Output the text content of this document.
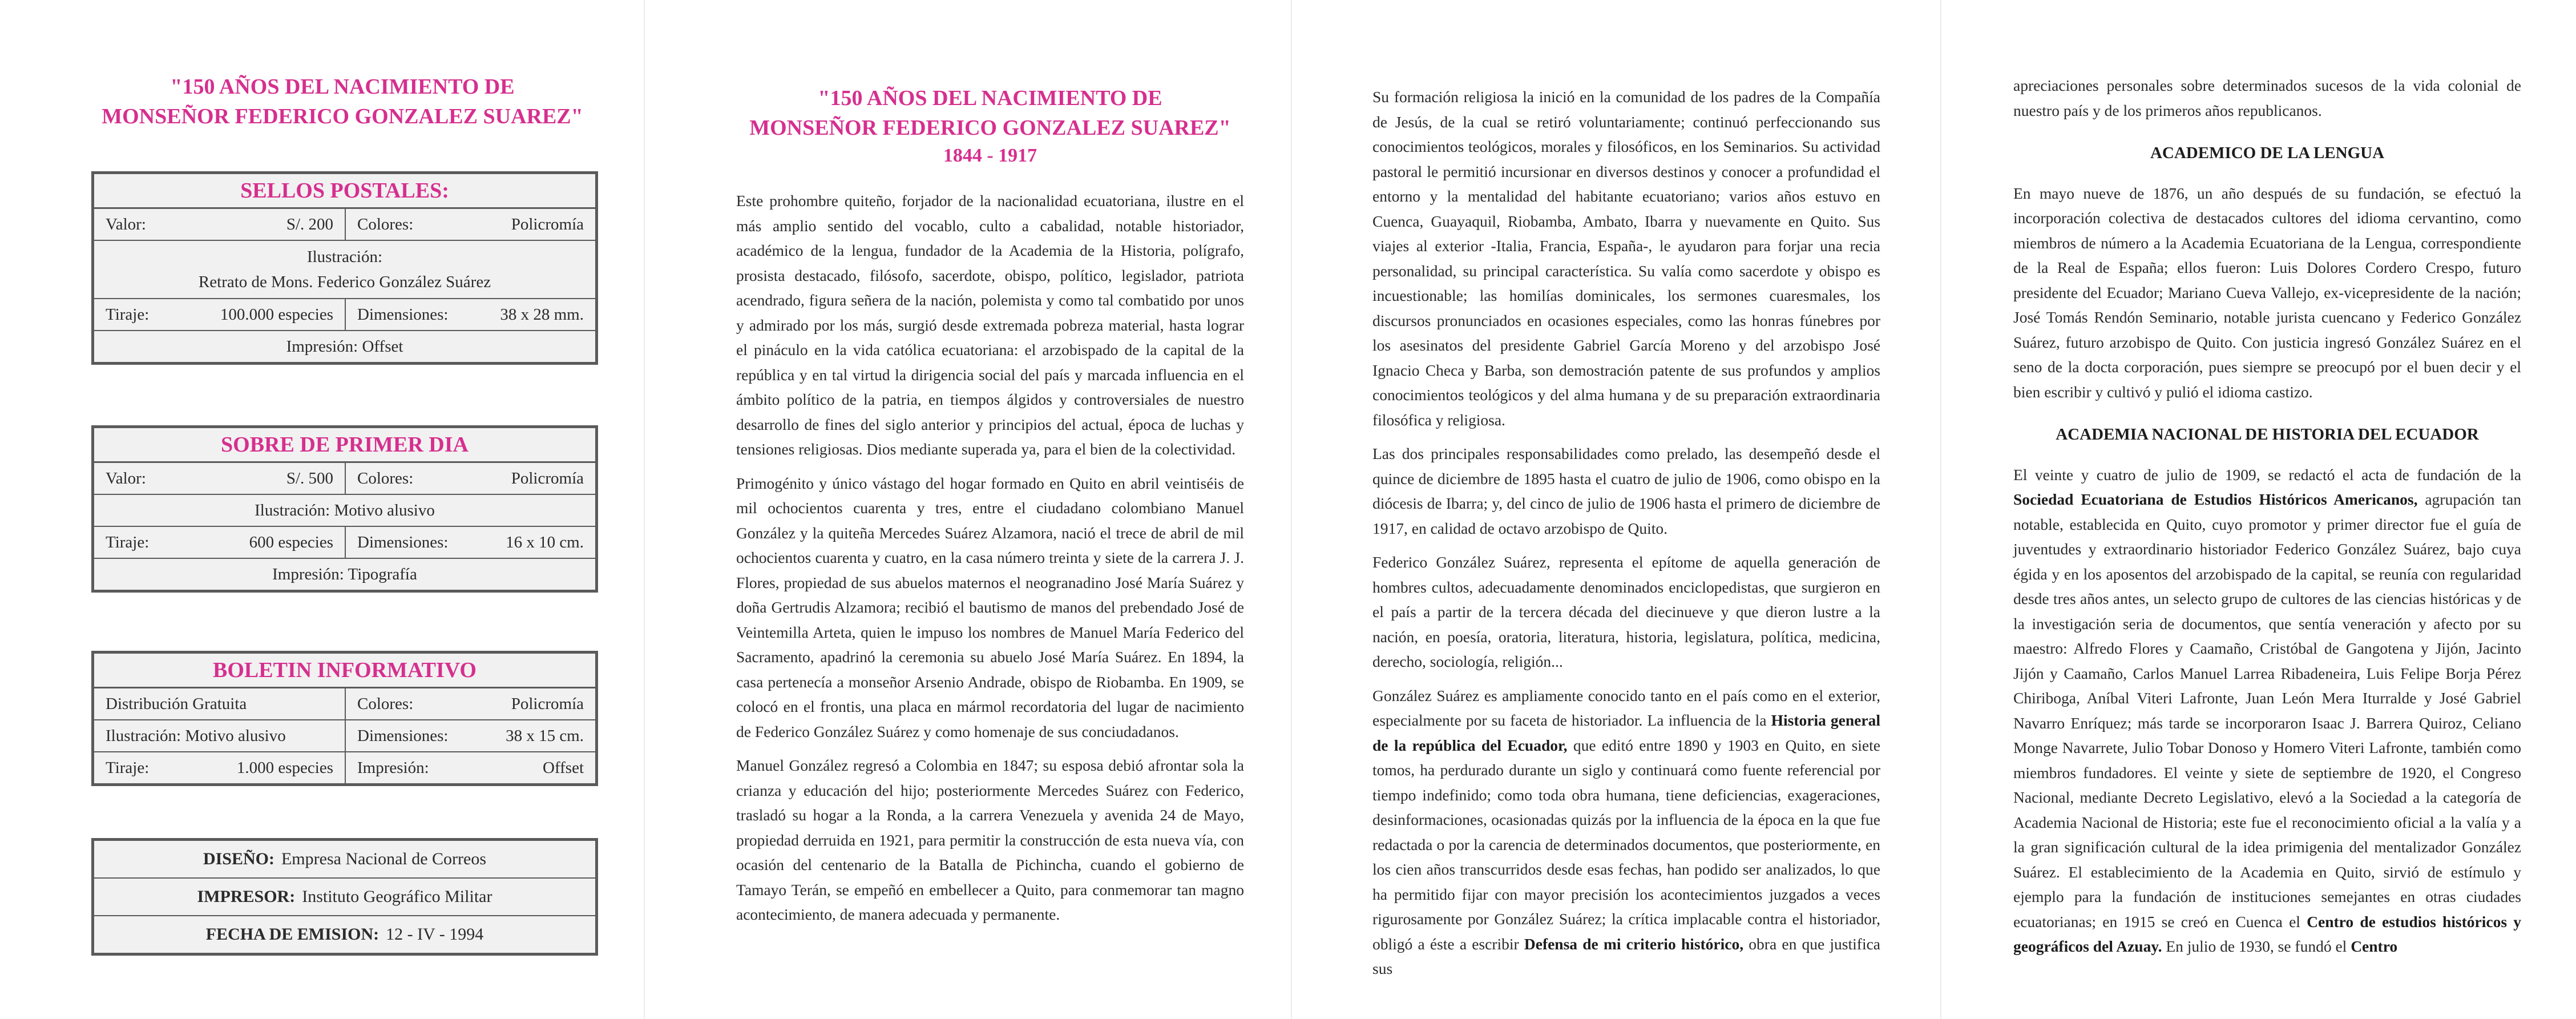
"150 AÑOS DEL NACIMIENTO DE
MONSEÑOR FEDERICO GONZALEZ SUAREZ"
SELLOS POSTALES:
Valor:	S/. 200 Colores:	Policromía
Ilustración:
Retrato de Mons. Federico González Suárez
Tiraje:	100.000 especies Dimensiones:	38 x 28 mm.
Impresión: Offset
SOBRE DE PRIMER DIA
Valor:	S/. 500 Colores:	Policromía
Ilustración: Motivo alusivo
Tiraje:	600 especies Dimensiones:	16 x 10 cm.
Impresión: Tipografía
BOLETIN INFORMATIVO
Distribución Gratuita	Colores:	Policromía
Ilustración: Motivo alusivo	Dimensiones:	38 x 15 cm.
Tiraje:	1.000 especies Impresión:	Offset
DISEÑO: Empresa Nacional de Correos
IMPRESOR: Instituto Geográfico Militar
FECHA DE EMISION: 12 - IV - 1994
"150 AÑOS DEL NACIMIENTO DE
MONSEÑOR FEDERICO GONZALEZ SUAREZ"
1844 - 1917

Este prohombre quiteño, forjador de la nacionalidad ecuatoriana, ilustre en el más amplio sentido del vocablo, culto a cabalidad, notable historiador, académico de la lengua, fundador de la Academia de la Historia, polígrafo, prosista destacado, filósofo, sacerdote, obispo, político, legislador, patriota acendrado, figura señera de la nación, polemista y como tal combatido por unos y admirado por los más, surgió desde extremada pobreza material, hasta lograr el pináculo en la vida católica ecuatoriana: el arzobispado de la capital de la república y en tal virtud la dirigencia social del país y marcada influencia en el ámbito político de la patria, en tiempos álgidos y controversiales de nuestro desarrollo de fines del siglo anterior y principios del actual, época de luchas y tensiones religiosas. Dios mediante superada ya, para el bien de la colectividad.

Primogénito y único vástago del hogar formado en Quito en abril veintiséis de mil ochocientos cuarenta y tres, entre el ciudadano colombiano Manuel González y la quiteña Mercedes Suárez Alzamora, nació el trece de abril de mil ochocientos cuarenta y cuatro, en la casa número treinta y siete de la carrera J. J. Flores, propiedad de sus abuelos maternos el neogranadino José María Suárez y doña Gertrudis Alzamora; recibió el bautismo de manos del prebendado José de Veintemilla Arteta, quien le impuso los nombres de Manuel María Federico del Sacramento, apadrinó la ceremonia su abuelo José María Suárez. En 1894, la casa pertenecía a monseñor Arsenio Andrade, obispo de Riobamba. En 1909, se colocó en el frontis, una placa en mármol recordatoria del lugar de nacimiento de Federico González Suárez y como homenaje de sus conciudadanos.

Manuel González regresó a Colombia en 1847; su esposa debió afrontar sola la crianza y educación del hijo; posteriormente Mercedes Suárez con Federico, trasladó su hogar a la Ronda, a la carrera Venezuela y avenida 24 de Mayo, propiedad derruida en 1921, para permitir la construcción de esta nueva vía, con ocasión del centenario de la Batalla de Pichincha, cuando el gobierno de Tamayo Terán, se empeñó en embellecer a Quito, para conmemorar tan magno acontecimiento, de manera adecuada y permanente.

Su formación religiosa la inició en la comunidad de los padres de la Compañía de Jesús, de la cual se retiró voluntariamente; continuó perfeccionando sus conocimientos teológicos, morales y filosóficos, en los Seminarios. Su actividad pastoral le permitió incursionar en diversos destinos y conocer a profundidad el entorno y la mentalidad del habitante ecuatoriano; varios años estuvo en Cuenca, Guayaquil, Riobamba, Ambato, Ibarra y nuevamente en Quito. Sus viajes al exterior -Italia, Francia, España-, le ayudaron para forjar una recia personalidad, su principal característica. Su valía como sacerdote y obispo es incuestionable; las homilías dominicales, los sermones cuaresmales, los discursos pronunciados en ocasiones especiales, como las honras fúnebres por los asesinatos del presidente Gabriel García Moreno y del arzobispo José Ignacio Checa y Barba, son demostración patente de sus profundos y amplios conocimientos teológicos y del alma humana y de su preparación extraordinaria filosófica y religiosa.

Las dos principales responsabilidades como prelado, las desempeñó desde el quince de diciembre de 1895 hasta el cuatro de julio de 1906, como obispo en la diócesis de Ibarra; y, del cinco de julio de 1906 hasta el primero de diciembre de 1917, en calidad de octavo arzobispo de Quito.

Federico González Suárez, representa el epítome de aquella generación de hombres cultos, adecuadamente denominados enciclopedistas, que surgieron en el país a partir de la tercera década del diecinueve y que dieron lustre a la nación, en poesía, oratoria, literatura, historia, legislatura, política, medicina, derecho, sociología, religión...

González Suárez es ampliamente conocido tanto en el país como en el exterior, especialmente por su faceta de historiador. La influencia de la Historia general de la república del Ecuador, que editó entre 1890 y 1903 en Quito, en siete tomos, ha perdurado durante un siglo y continuará como fuente referencial por tiempo indefinido; como toda obra humana, tiene deficiencias, exageraciones, desinformaciones, ocasionadas quizás por la influencia de la época en la que fue redactada o por la carencia de determinados documentos, que posteriormente, en los cien años transcurridos desde esas fechas, han podido ser analizados, lo que ha permitido fijar con mayor precisión los acontecimientos juzgados a veces rigurosamente por González Suárez; la crítica implacable contra el historiador, obligó a éste a escribir Defensa de mi criterio histórico, obra en que justifica sus

apreciaciones personales sobre determinados sucesos de la vida colonial de nuestro país y de los primeros años republicanos.

ACADEMICO DE LA LENGUA

En mayo nueve de 1876, un año después de su fundación, se efectuó la incorporación colectiva de destacados cultores del idioma cervantino, como miembros de número a la Academia Ecuatoriana de la Lengua, correspondiente de la Real de España; ellos fueron: Luis Dolores Cordero Crespo, futuro presidente del Ecuador; Mariano Cueva Vallejo, ex-vicepresidente de la nación; José Tomás Rendón Seminario, notable jurista cuencano y Federico González Suárez, futuro arzobispo de Quito. Con justicia ingresó González Suárez en el seno de la docta corporación, pues siempre se preocupó por el buen decir y el bien escribir y cultivó y pulió el idioma castizo.

ACADEMIA NACIONAL DE HISTORIA DEL ECUADOR

El veinte y cuatro de julio de 1909, se redactó el acta de fundación de la Sociedad Ecuatoriana de Estudios Históricos Americanos, agrupación tan notable, establecida en Quito, cuyo promotor y primer director fue el guía de juventudes y extraordinario historiador Federico González Suárez, bajo cuya égida y en los aposentos del arzobispado de la capital, se reunía con regularidad desde tres años antes, un selecto grupo de cultores de las ciencias históricas y de la investigación seria de documentos, que sentía veneración y afecto por su maestro: Alfredo Flores y Caamaño, Cristóbal de Gangotena y Jijón, Jacinto Jijón y Caamaño, Carlos Manuel Larrea Ribadeneira, Luis Felipe Borja Pérez Chiriboga, Aníbal Viteri Lafronte, Juan León Mera Iturralde y José Gabriel Navarro Enríquez; más tarde se incorporaron Isaac J. Barrera Quiroz, Celiano Monge Navarrete, Julio Tobar Donoso y Homero Viteri Lafronte, también como miembros fundadores. El veinte y siete de septiembre de 1920, el Congreso Nacional, mediante Decreto Legislativo, elevó a la Sociedad a la categoría de Academia Nacional de Historia; este fue el reconocimiento oficial a la valía y a la gran significación cultural de la idea primigenia del mentalizador González Suárez. El establecimiento de la Academia en Quito, sirvió de estímulo y ejemplo para la fundación de instituciones semejantes en otras ciudades ecuatorianas; en 1915 se creó en Cuenca el Centro de estudios históricos y geográficos del Azuay. En julio de 1930, se fundó el Centro
